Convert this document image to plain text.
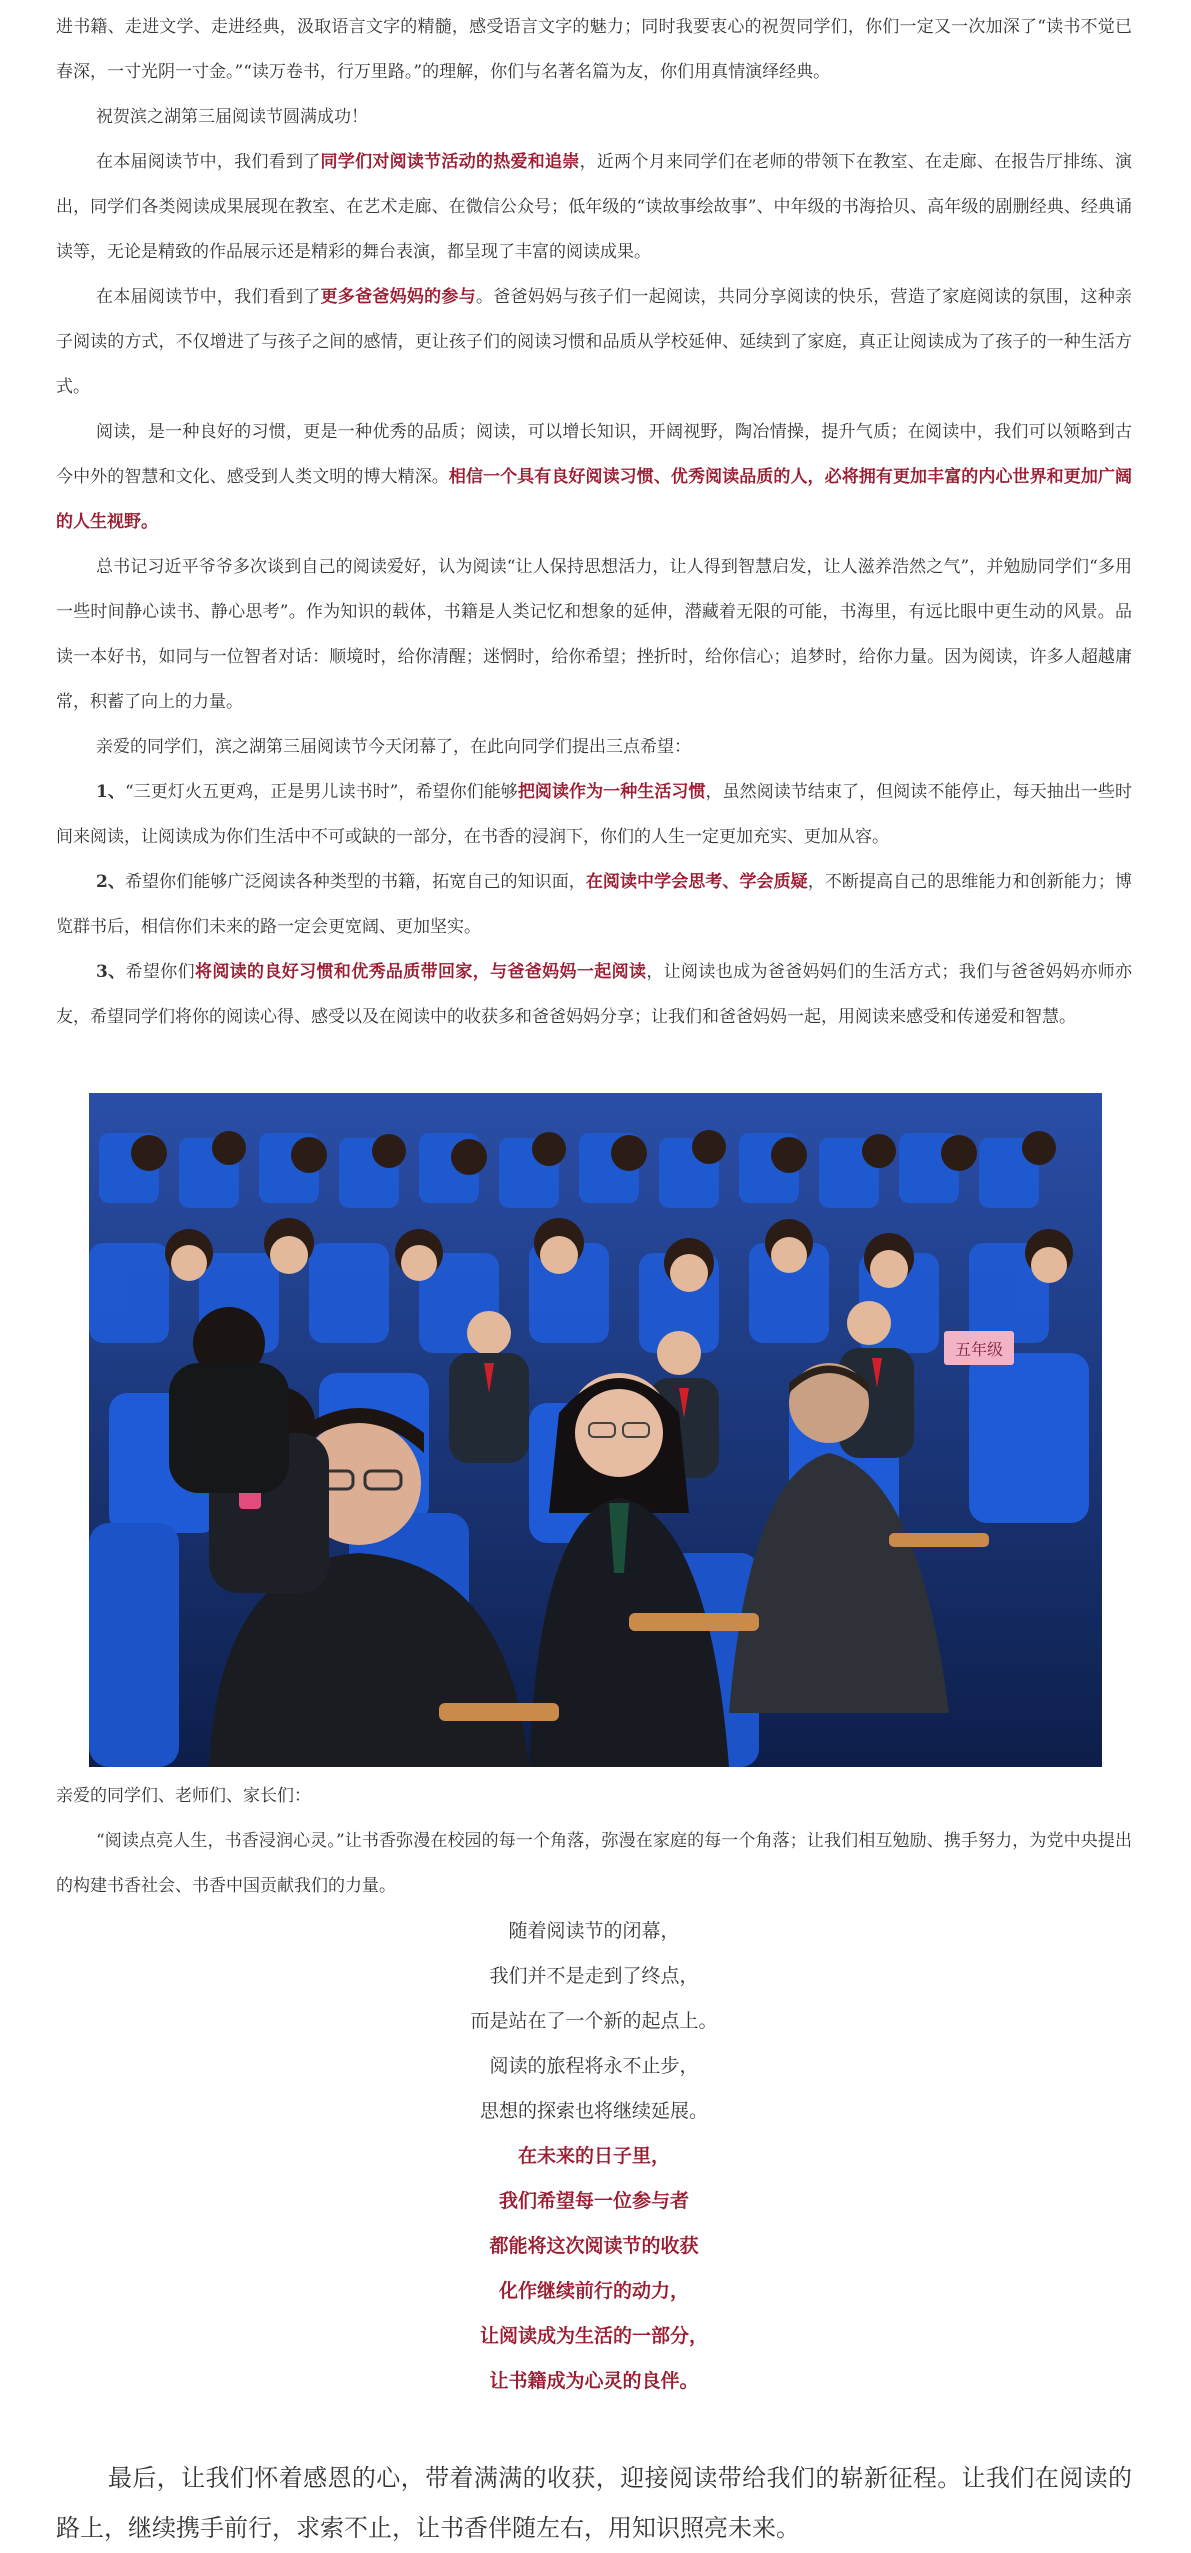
进书籍、走进文学、走进经典，汲取语言文字的精髓，感受语言文字的魅力；同时我要衷心的祝贺同学们，你们一定又一次加深了“读书不觉已春深，一寸光阴一寸金。”“读万卷书，行万里路。”的理解，你们与名著名篇为友，你们用真情演绎经典。

祝贺滨之湖第三届阅读节圆满成功！

在本届阅读节中，我们看到了同学们对阅读节活动的热爱和追崇，近两个月来同学们在老师的带领下在教室、在走廊、在报告厅排练、演出，同学们各类阅读成果展现在教室、在艺术走廊、在微信公众号；低年级的“读故事绘故事”、中年级的书海拾贝、高年级的剧删经典、经典诵读等，无论是精致的作品展示还是精彩的舞台表演，都呈现了丰富的阅读成果。

在本届阅读节中，我们看到了更多爸爸妈妈的参与。爸爸妈妈与孩子们一起阅读，共同分享阅读的快乐，营造了家庭阅读的氛围，这种亲子阅读的方式，不仅增进了与孩子之间的感情，更让孩子们的阅读习惯和品质从学校延伸、延续到了家庭，真正让阅读成为了孩子的一种生活方式。

阅读，是一种良好的习惯，更是一种优秀的品质；阅读，可以增长知识，开阔视野，陶冶情操，提升气质；在阅读中，我们可以领略到古今中外的智慧和文化、感受到人类文明的博大精深。相信一个具有良好阅读习惯、优秀阅读品质的人，必将拥有更加丰富的内心世界和更加广阔的人生视野。

总书记习近平爷爷多次谈到自己的阅读爱好，认为阅读“让人保持思想活力，让人得到智慧启发，让人滋养浩然之气”，并勉励同学们“多用一些时间静心读书、静心思考”。作为知识的载体，书籍是人类记忆和想象的延伸，潜藏着无限的可能，书海里，有远比眼中更生动的风景。品读一本好书，如同与一位智者对话：顺境时，给你清醒；迷惘时，给你希望；挫折时，给你信心；追梦时，给你力量。因为阅读，许多人超越庸常，积蓄了向上的力量。

亲爱的同学们，滨之湖第三届阅读节今天闭幕了，在此向同学们提出三点希望：

1、“三更灯火五更鸡，正是男儿读书时”，希望你们能够把阅读作为一种生活习惯，虽然阅读节结束了，但阅读不能停止，每天抽出一些时间来阅读，让阅读成为你们生活中不可或缺的一部分，在书香的浸润下，你们的人生一定更加充实、更加从容。

2、希望你们能够广泛阅读各种类型的书籍，拓宽自己的知识面，在阅读中学会思考、学会质疑，不断提高自己的思维能力和创新能力；博览群书后，相信你们未来的路一定会更宽阔、更加坚实。

3、希望你们将阅读的良好习惯和优秀品质带回家，与爸爸妈妈一起阅读，让阅读也成为爸爸妈妈们的生活方式；我们与爸爸妈妈亦师亦友，希望同学们将你的阅读心得、感受以及在阅读中的收获多和爸爸妈妈分享；让我们和爸爸妈妈一起，用阅读来感受和传递爱和智慧。

五年级

亲爱的同学们、老师们、家长们：

“阅读点亮人生，书香浸润心灵。”让书香弥漫在校园的每一个角落，弥漫在家庭的每一个角落；让我们相互勉励、携手努力，为党中央提出的构建书香社会、书香中国贡献我们的力量。

随着阅读节的闭幕，

我们并不是走到了终点，

而是站在了一个新的起点上。

阅读的旅程将永不止步，

思想的探索也将继续延展。

在未来的日子里，

我们希望每一位参与者

都能将这次阅读节的收获

化作继续前行的动力，

让阅读成为生活的一部分，

让书籍成为心灵的良伴。

最后，让我们怀着感恩的心，带着满满的收获，迎接阅读带给我们的崭新征程。让我们在阅读的路上，继续携手前行，求索不止，让书香伴随左右，用知识照亮未来。
